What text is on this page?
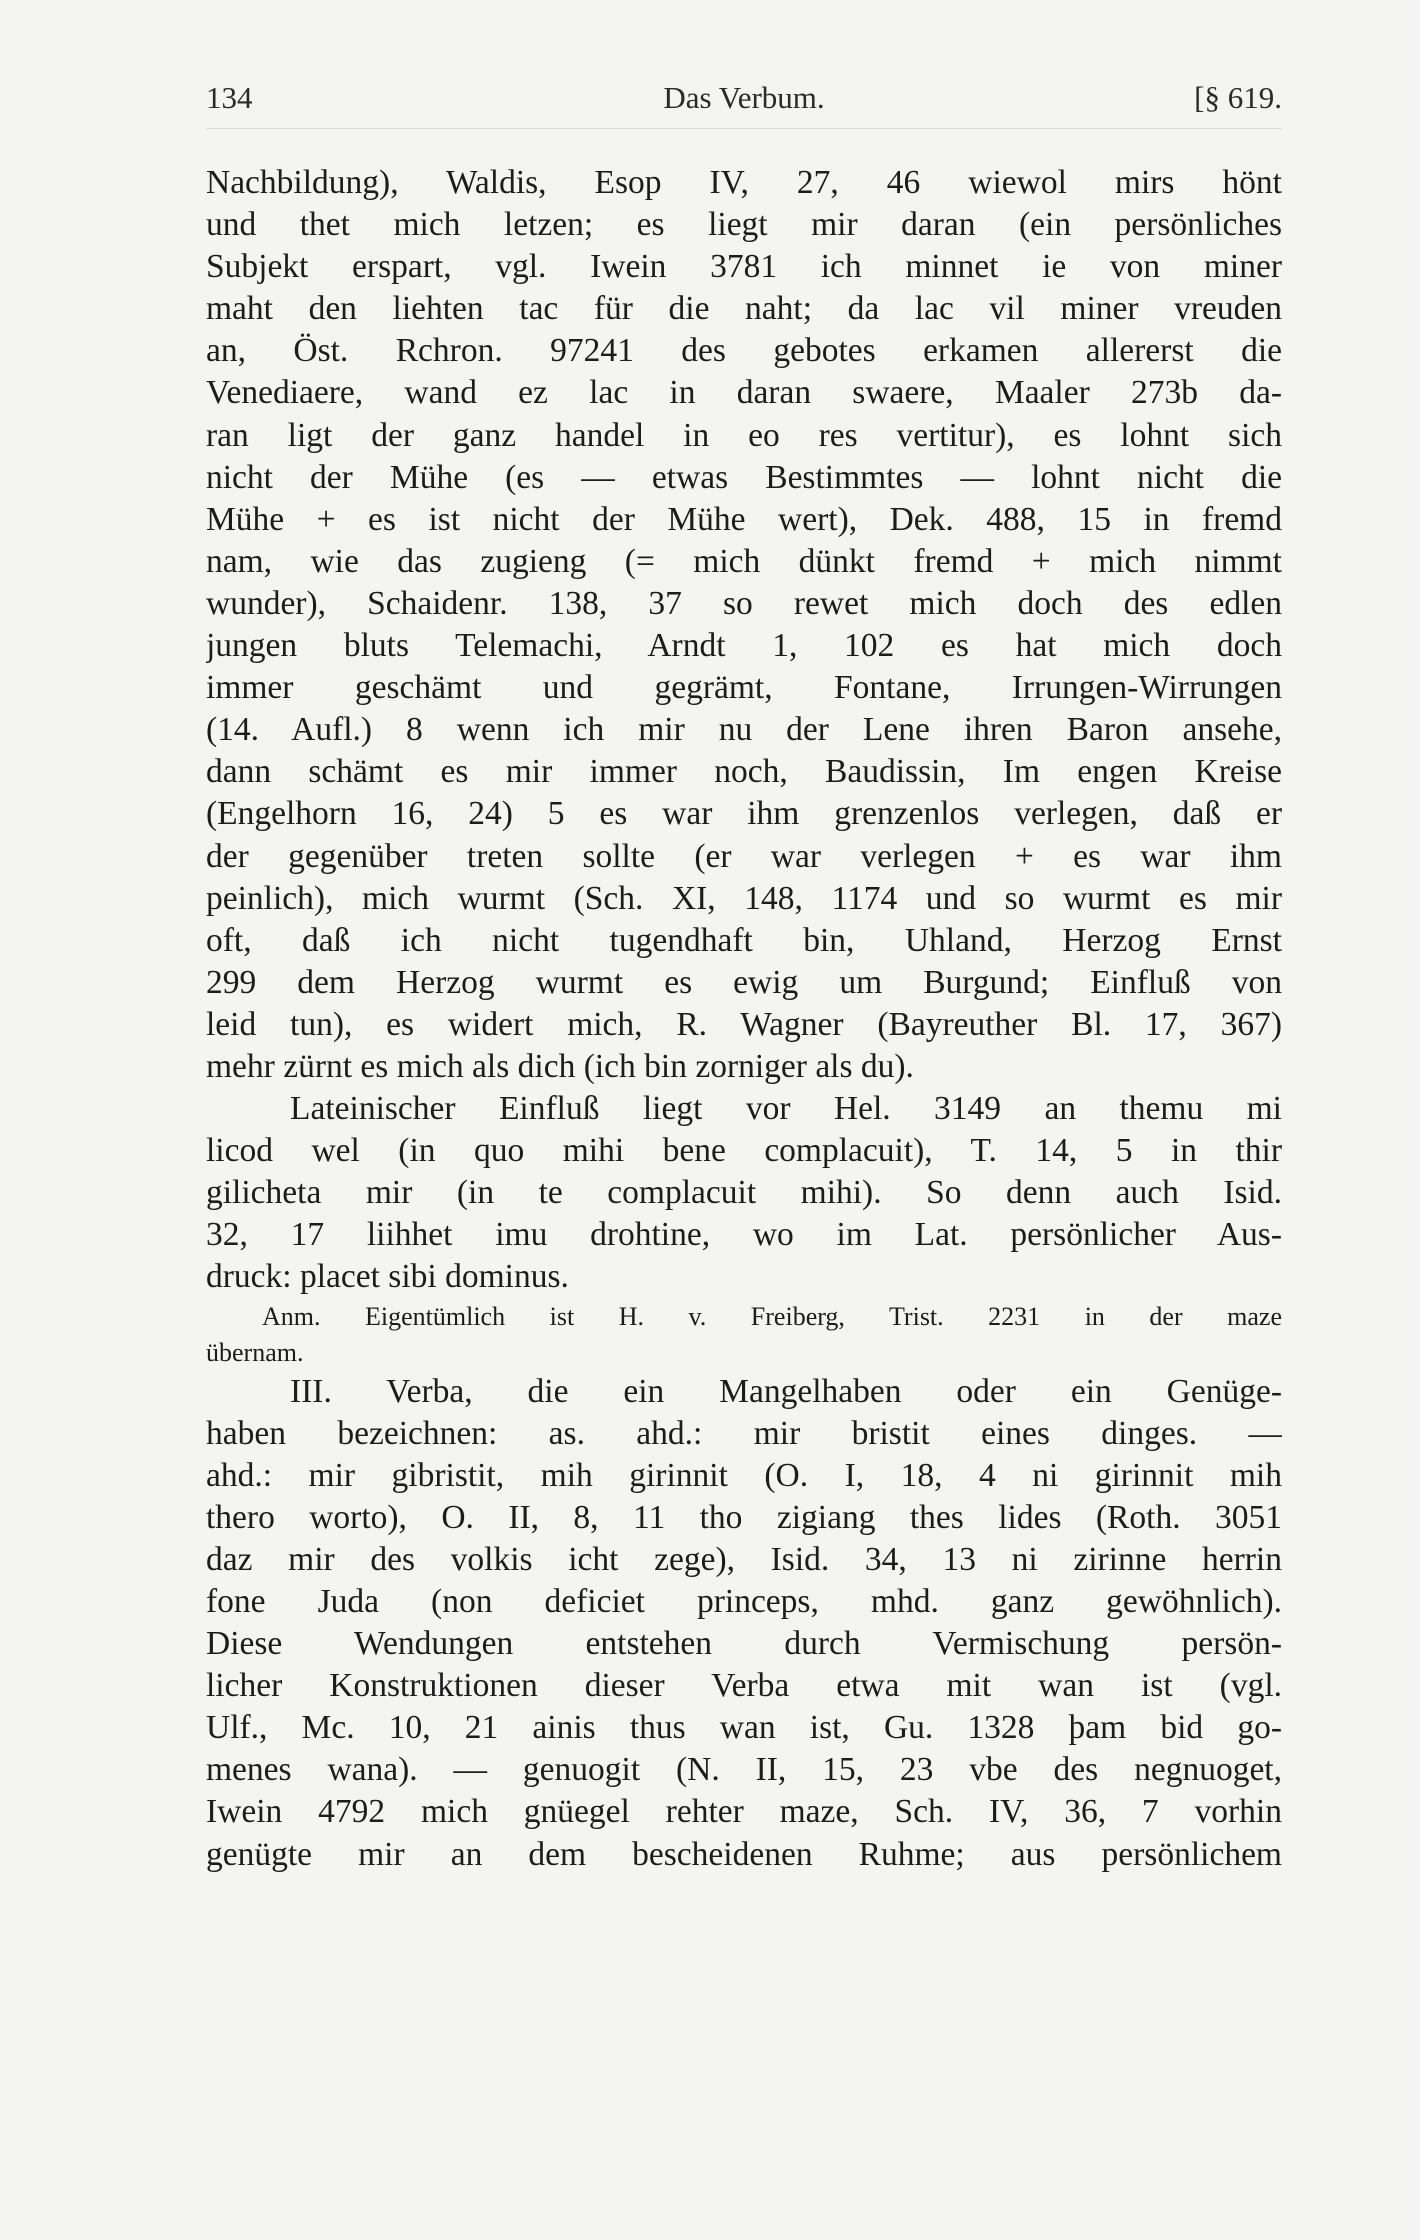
134	Das Verbum.	[§ 619.
Nachbildung), Waldis, Esop IV, 27, 46 wiewol mirs hönt
und thet mich letzen; es liegt mir daran (ein persönliches
Subjekt erspart, vgl. Iwein 3781 ich minnet ie von miner
maht den liehten tac für die naht; da lac vil miner vreuden
an, Öst. Rchron. 97241 des gebotes erkamen allererst die
Venediaere, wand ez lac in daran swaere, Maaler 273b da-
ran ligt der ganz handel in eo res vertitur), es lohnt sich
nicht der Mühe (es — etwas Bestimmtes — lohnt nicht die
Mühe + es ist nicht der Mühe wert), Dek. 488, 15 in fremd
nam, wie das zugieng (= mich dünkt fremd + mich nimmt
wunder), Schaidenr. 138, 37 so rewet mich doch des edlen
jungen bluts Telemachi, Arndt 1, 102 es hat mich doch
immer geschämt und gegrämt, Fontane, Irrungen-Wirrungen
(14. Aufl.) 8 wenn ich mir nu der Lene ihren Baron ansehe,
dann schämt es mir immer noch, Baudissin, Im engen Kreise
(Engelhorn 16, 24) 5 es war ihm grenzenlos verlegen, daß er
der gegenüber treten sollte (er war verlegen + es war ihm
peinlich), mich wurmt (Sch. XI, 148, 1174 und so wurmt es mir
oft, daß ich nicht tugendhaft bin, Uhland, Herzog Ernst
299 dem Herzog wurmt es ewig um Burgund; Einfluß von
leid tun), es widert mich, R. Wagner (Bayreuther Bl. 17, 367)
mehr zürnt es mich als dich (ich bin zorniger als du).
Lateinischer Einfluß liegt vor Hel. 3149 an themu mi
licod wel (in quo mihi bene complacuit), T. 14, 5 in thir
gilicheta mir (in te complacuit mihi). So denn auch Isid.
32, 17 liihhet imu drohtine, wo im Lat. persönlicher Aus-
druck: placet sibi dominus.
Anm. Eigentümlich ist H. v. Freiberg, Trist. 2231 in der maze
übernam.
III. Verba, die ein Mangelhaben oder ein Genüge-
haben bezeichnen: as. ahd.: mir bristit eines dinges. —
ahd.: mir gibristit, mih girinnit (O. I, 18, 4 ni girinnit mih
thero worto), O. II, 8, 11 tho zigiang thes lides (Roth. 3051
daz mir des volkis icht zege), Isid. 34, 13 ni zirinne herrin
fone Juda (non deficiet princeps, mhd. ganz gewöhnlich).
Diese Wendungen entstehen durch Vermischung persön-
licher Konstruktionen dieser Verba etwa mit wan ist (vgl.
Ulf., Mc. 10, 21 ainis thus wan ist, Gu. 1328 þam bid go-
menes wana). — genuogit (N. II, 15, 23 vbe des negnuoget,
Iwein 4792 mich gnüegel rehter maze, Sch. IV, 36, 7 vorhin
genügte mir an dem bescheidenen Ruhme; aus persönlichem
